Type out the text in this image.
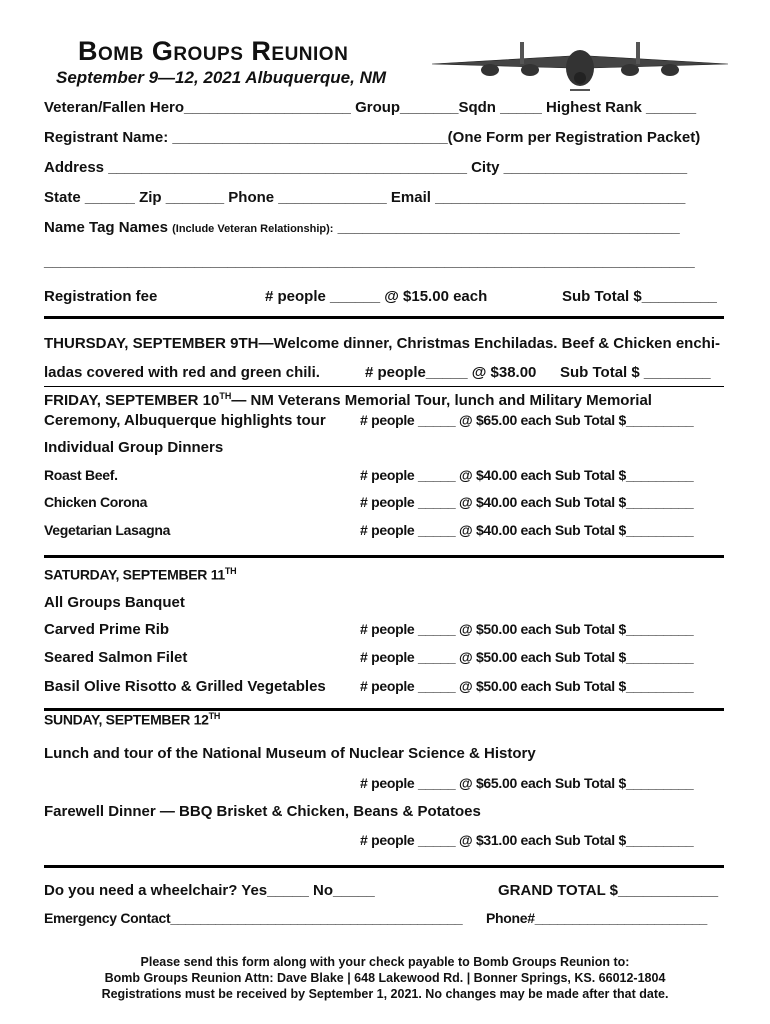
Bomb Groups Reunion
September 9—12, 2021 Albuquerque, NM
Veteran/Fallen Hero____________________ Group_______Sqdn _____ Highest Rank ______
Registrant Name: _________________________________(One Form per Registration Packet)
Address ___________________________________________ City ______________________
State ______ Zip _______ Phone _____________ Email ______________________________
Name Tag Names (Include Veteran Relationship): _________________________________________
______________________________________________________________________________
Registration fee	# people ______ @ $15.00 each	Sub Total $_________
THURSDAY, SEPTEMBER 9TH—Welcome dinner, Christmas Enchiladas. Beef & Chicken enchi-
ladas covered with red and green chili.	# people_____ @ $38.00 Sub Total $ ________
FRIDAY, SEPTEMBER 10TH— NM Veterans Memorial Tour, lunch and Military Memorial
Ceremony, Albuquerque highlights tour # people _____ @ $65.00 each Sub Total $_________
Individual Group Dinners
Roast Beef.	# people _____ @ $40.00 each Sub Total $_________
Chicken Corona	# people _____ @ $40.00 each Sub Total $_________
Vegetarian Lasagna	# people _____ @ $40.00 each Sub Total $_________
SATURDAY, SEPTEMBER 11TH
All Groups Banquet
Carved Prime Rib	# people _____ @ $50.00 each Sub Total $_________
Seared Salmon Filet	# people _____ @ $50.00 each Sub Total $_________
Basil Olive Risotto & Grilled Vegetables # people _____ @ $50.00 each Sub Total $_________
SUNDAY, SEPTEMBER 12TH
Lunch and tour of the National Museum of Nuclear Science & History
# people _____ @ $65.00 each Sub Total $_________
Farewell Dinner — BBQ Brisket & Chicken, Beans & Potatoes
# people _____ @ $31.00 each Sub Total $_________
Do you need a wheelchair? Yes_____ No_____	GRAND TOTAL $____________
Emergency Contact_______________________________________ Phone#_______________________
Please send this form along with your check payable to Bomb Groups Reunion to:
Bomb Groups Reunion Attn: Dave Blake | 648 Lakewood Rd. | Bonner Springs, KS. 66012-1804
Registrations must be received by September 1, 2021. No changes may be made after that date.
